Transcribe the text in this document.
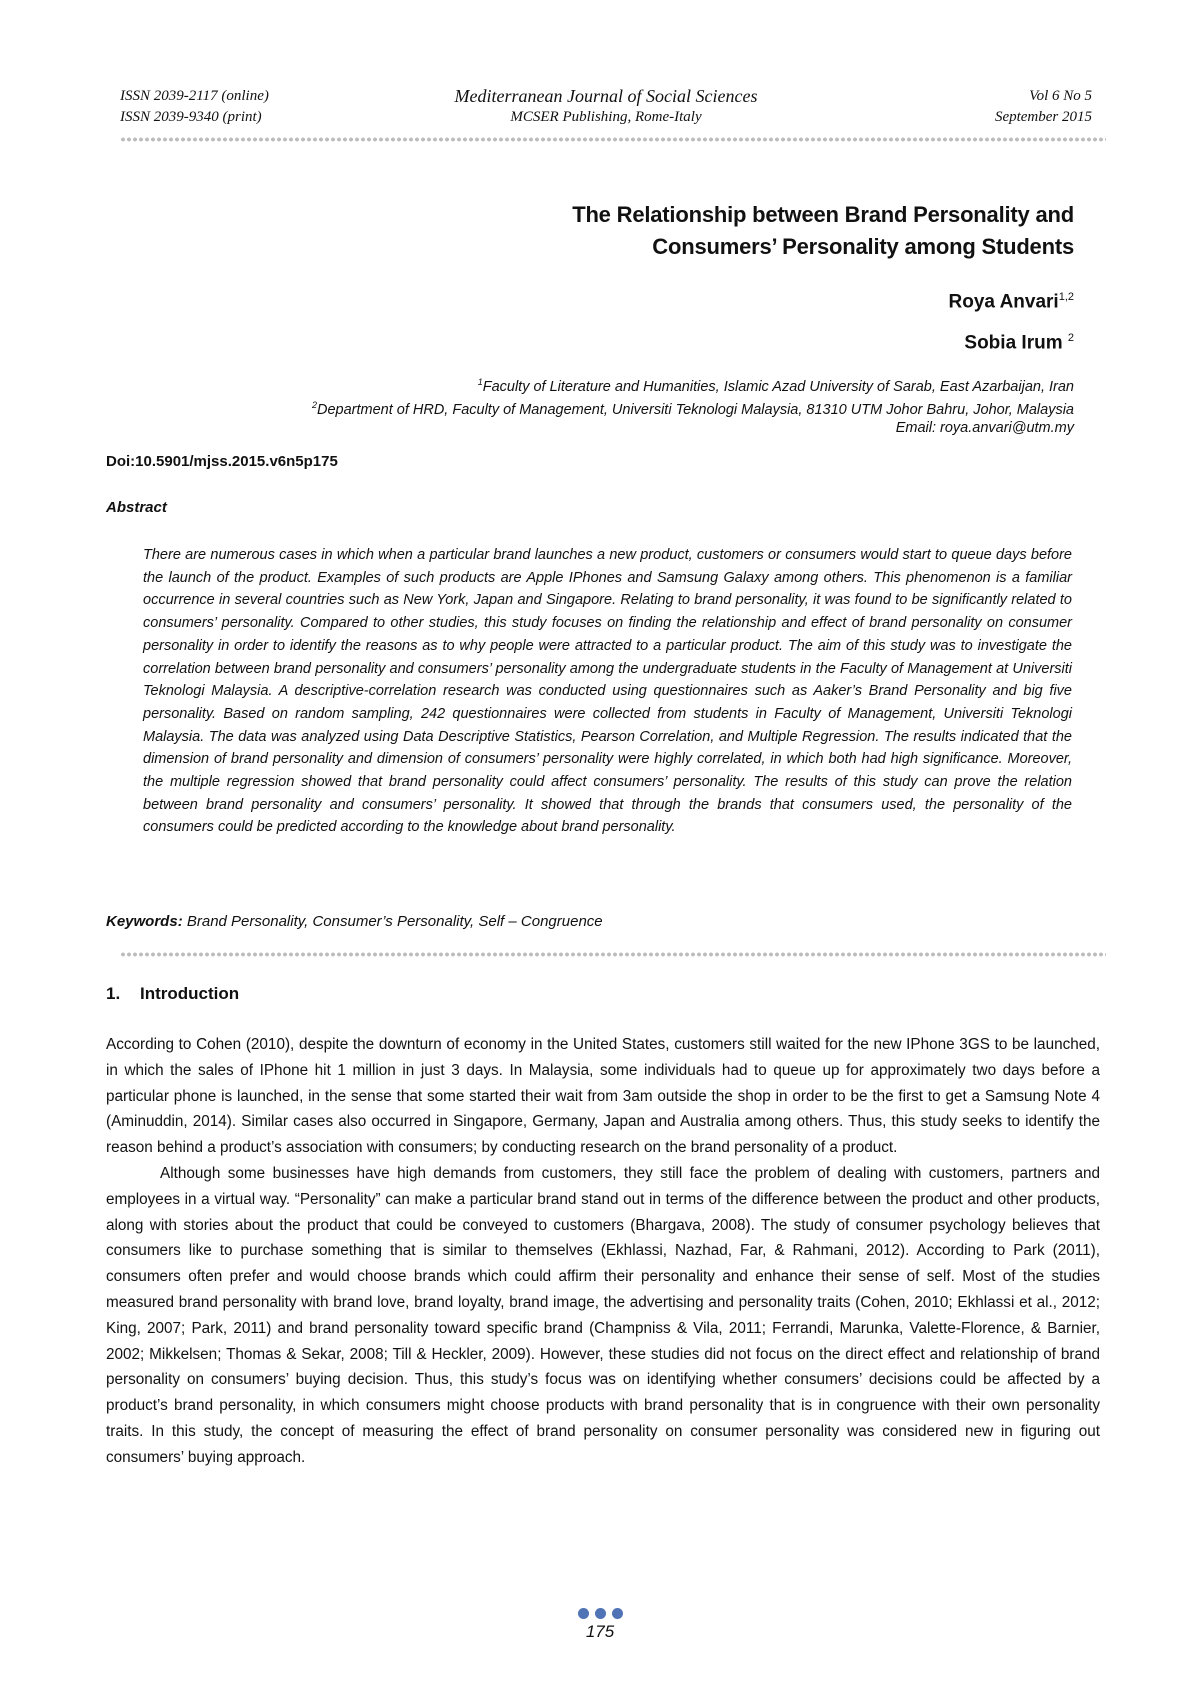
ISSN 2039-2117 (online)
ISSN 2039-9340 (print)
Mediterranean Journal of Social Sciences
MCSER Publishing, Rome-Italy
Vol 6 No 5
September 2015
The Relationship between Brand Personality and
Consumers’ Personality among Students
Roya Anvari$^{1,2}$
Sobia Irum $^2$
$^1$Faculty of Literature and Humanities, Islamic Azad University of Sarab, East Azarbaijan, Iran
$^2$Department of HRD, Faculty of Management, Universiti Teknologi Malaysia, 81310 UTM Johor Bahru, Johor, Malaysia
Email: roya.anvari@utm.my
Doi:10.5901/mjss.2015.v6n5p175
Abstract
There are numerous cases in which when a particular brand launches a new product, customers or consumers would start to queue days before the launch of the product. Examples of such products are Apple IPhones and Samsung Galaxy among others. This phenomenon is a familiar occurrence in several countries such as New York, Japan and Singapore. Relating to brand personality, it was found to be significantly related to consumers’ personality. Compared to other studies, this study focuses on finding the relationship and effect of brand personality on consumer personality in order to identify the reasons as to why people were attracted to a particular product. The aim of this study was to investigate the correlation between brand personality and consumers’ personality among the undergraduate students in the Faculty of Management at Universiti Teknologi Malaysia. A descriptive-correlation research was conducted using questionnaires such as Aaker’s Brand Personality and big five personality. Based on random sampling, 242 questionnaires were collected from students in Faculty of Management, Universiti Teknologi Malaysia. The data was analyzed using Data Descriptive Statistics, Pearson Correlation, and Multiple Regression. The results indicated that the dimension of brand personality and dimension of consumers’ personality were highly correlated, in which both had high significance. Moreover, the multiple regression showed that brand personality could affect consumers’ personality. The results of this study can prove the relation between brand personality and consumers’ personality. It showed that through the brands that consumers used, the personality of the consumers could be predicted according to the knowledge about brand personality.
Keywords: Brand Personality, Consumer’s Personality, Self – Congruence
1. Introduction

According to Cohen (2010), despite the downturn of economy in the United States, customers still waited for the new IPhone 3GS to be launched, in which the sales of IPhone hit 1 million in just 3 days. In Malaysia, some individuals had to queue up for approximately two days before a particular phone is launched, in the sense that some started their wait from 3am outside the shop in order to be the first to get a Samsung Note 4 (Aminuddin, 2014). Similar cases also occurred in Singapore, Germany, Japan and Australia among others. Thus, this study seeks to identify the reason behind a product’s association with consumers; by conducting research on the brand personality of a product.

Although some businesses have high demands from customers, they still face the problem of dealing with customers, partners and employees in a virtual way. “Personality” can make a particular brand stand out in terms of the difference between the product and other products, along with stories about the product that could be conveyed to customers (Bhargava, 2008). The study of consumer psychology believes that consumers like to purchase something that is similar to themselves (Ekhlassi, Nazhad, Far, & Rahmani, 2012). According to Park (2011), consumers often prefer and would choose brands which could affirm their personality and enhance their sense of self. Most of the studies measured brand personality with brand love, brand loyalty, brand image, the advertising and personality traits (Cohen, 2010; Ekhlassi et al., 2012; King, 2007; Park, 2011) and brand personality toward specific brand (Champniss & Vila, 2011; Ferrandi, Marunka, Valette-Florence, & Barnier, 2002; Mikkelsen; Thomas & Sekar, 2008; Till & Heckler, 2009). However, these studies did not focus on the direct effect and relationship of brand personality on consumers’ buying decision. Thus, this study’s focus was on identifying whether consumers’ decisions could be affected by a product’s brand personality, in which consumers might choose products with brand personality that is in congruence with their own personality traits. In this study, the concept of measuring the effect of brand personality on consumer personality was considered new in figuring out consumers’ buying approach.

175
